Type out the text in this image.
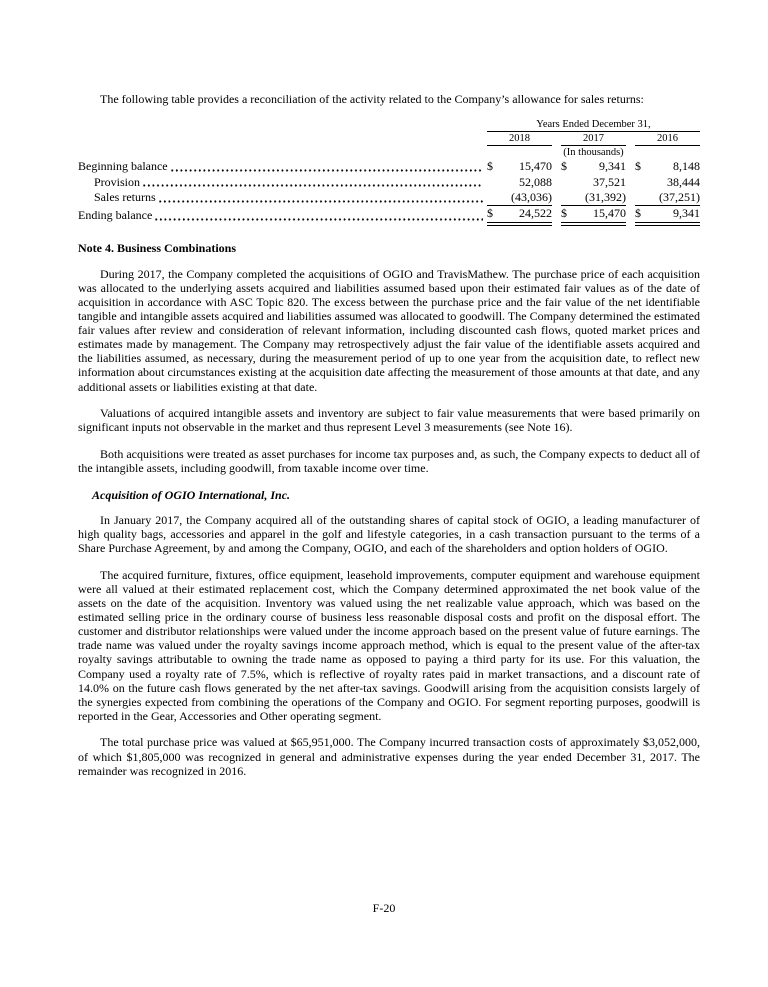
The following table provides a reconciliation of the activity related to the Company’s allowance for sales returns:

	Years Ended December 31,							
	2018			2017			2016	
	(In thousands)							

Beginning balance	$	15,470		$	9,341		$	8,148

Provision		52,088			37,521			38,444

Sales returns		(43,036)			(31,392)			(37,251)

Ending balance	$	24,522		$	15,470		$	9,341
Note 4. Business Combinations

During 2017, the Company completed the acquisitions of OGIO and TravisMathew. The purchase price of each acquisition was allocated to the underlying assets acquired and liabilities assumed based upon their estimated fair values as of the date of acquisition in accordance with ASC Topic 820. The excess between the purchase price and the fair value of the net identifiable tangible and intangible assets acquired and liabilities assumed was allocated to goodwill. The Company determined the estimated fair values after review and consideration of relevant information, including discounted cash flows, quoted market prices and estimates made by management. The Company may retrospectively adjust the fair value of the identifiable assets acquired and the liabilities assumed, as necessary, during the measurement period of up to one year from the acquisition date, to reflect new information about circumstances existing at the acquisition date affecting the measurement of those amounts at that date, and any additional assets or liabilities existing at that date.

Valuations of acquired intangible assets and inventory are subject to fair value measurements that were based primarily on significant inputs not observable in the market and thus represent Level 3 measurements (see Note 16).

Both acquisitions were treated as asset purchases for income tax purposes and, as such, the Company expects to deduct all of the intangible assets, including goodwill, from taxable income over time.

Acquisition of OGIO International, Inc.

In January 2017, the Company acquired all of the outstanding shares of capital stock of OGIO, a leading manufacturer of high quality bags, accessories and apparel in the golf and lifestyle categories, in a cash transaction pursuant to the terms of a Share Purchase Agreement, by and among the Company, OGIO, and each of the shareholders and option holders of OGIO.

The acquired furniture, fixtures, office equipment, leasehold improvements, computer equipment and warehouse equipment were all valued at their estimated replacement cost, which the Company determined approximated the net book value of the assets on the date of the acquisition. Inventory was valued using the net realizable value approach, which was based on the estimated selling price in the ordinary course of business less reasonable disposal costs and profit on the disposal effort. The customer and distributor relationships were valued under the income approach based on the present value of future earnings. The trade name was valued under the royalty savings income approach method, which is equal to the present value of the after-tax royalty savings attributable to owning the trade name as opposed to paying a third party for its use. For this valuation, the Company used a royalty rate of 7.5%, which is reflective of royalty rates paid in market transactions, and a discount rate of 14.0% on the future cash flows generated by the net after-tax savings. Goodwill arising from the acquisition consists largely of the synergies expected from combining the operations of the Company and OGIO. For segment reporting purposes, goodwill is reported in the Gear, Accessories and Other operating segment.

The total purchase price was valued at $65,951,000. The Company incurred transaction costs of approximately $3,052,000, of which $1,805,000 was recognized in general and administrative expenses during the year ended December 31, 2017. The remainder was recognized in 2016.

F-20
